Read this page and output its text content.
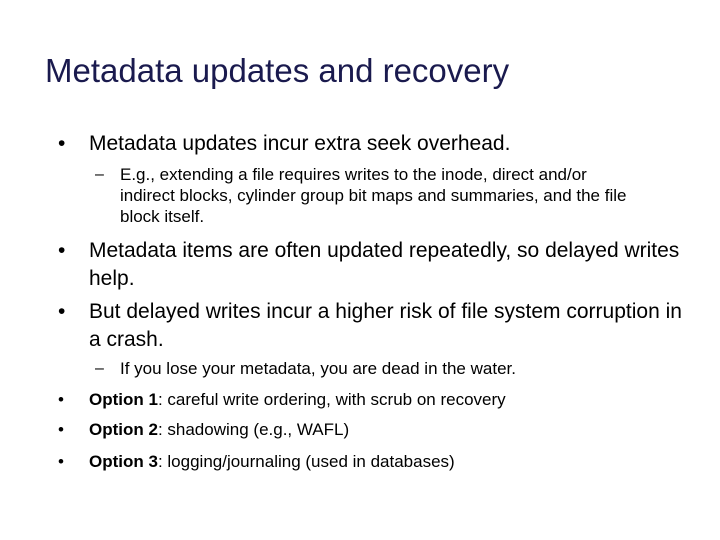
Metadata updates and recovery
• Metadata updates incur extra seek overhead.
– E.g., extending a file requires writes to the inode, direct and/or indirect blocks, cylinder group bit maps and summaries, and the file block itself.
• Metadata items are often updated repeatedly, so delayed writes help.
• But delayed writes incur a higher risk of file system corruption in a crash.
– If you lose your metadata, you are dead in the water.
• Option 1: careful write ordering, with scrub on recovery
• Option 2: shadowing (e.g., WAFL)
• Option 3: logging/journaling (used in databases)
